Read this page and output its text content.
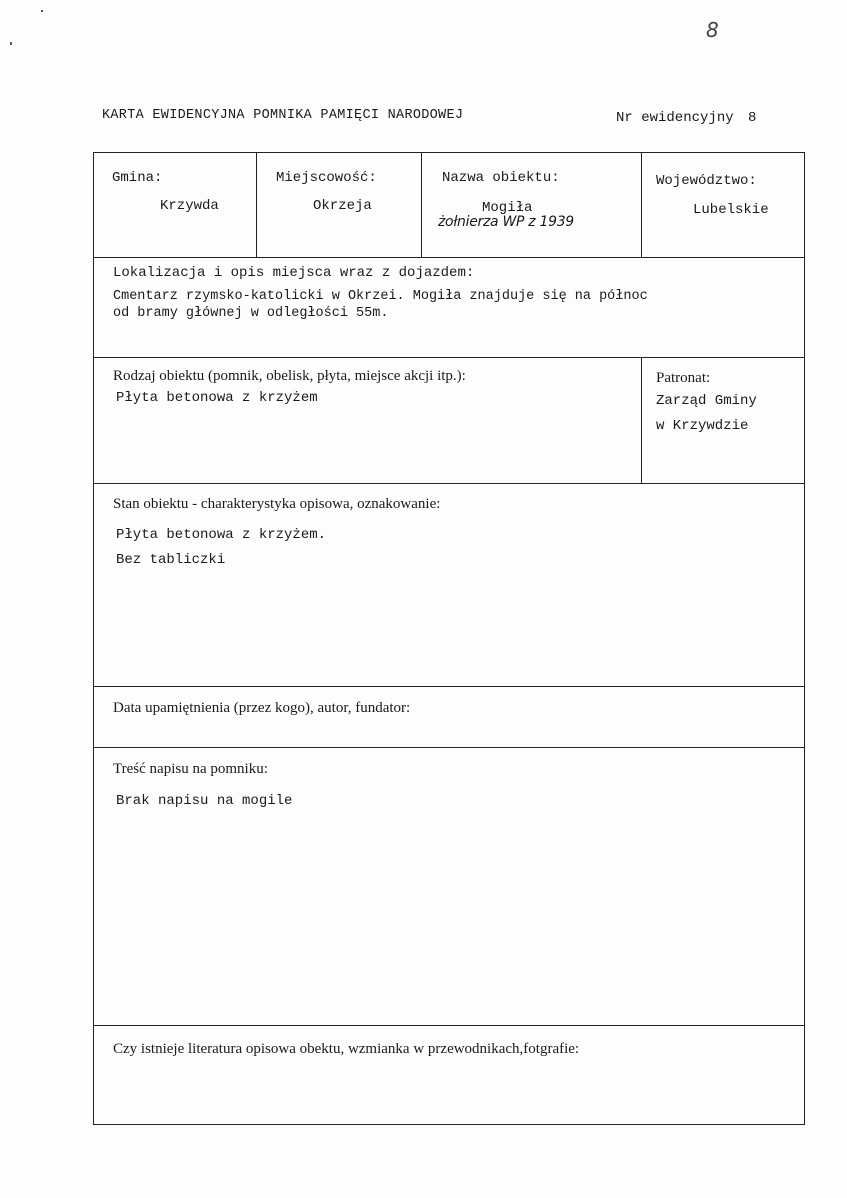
8
KARTA EWIDENCYJNA POMNIKA PAMIĘCI NARODOWEJ	Nr ewidencyjny 8
Gmina:
Krzywda
Miejscowość:
Okrzeja
Nazwa obiektu:
Mogiła
żołnierza WP z 1939
Województwo:
Lubelskie
Lokalizacja i opis miejsca wraz z dojazdem:
Cmentarz rzymsko-katolicki w Okrzei. Mogiła znajduje się na północ
od bramy głównej w odległości 55m.
Rodzaj obiektu (pomnik, obelisk, płyta, miejsce akcji itp.):
Płyta betonowa z krzyżem
Patronat:
Zarząd Gminy
w Krzywdzie
Stan obiektu - charakterystyka opisowa, oznakowanie:
Płyta betonowa z krzyżem.
Bez tabliczki
Data upamiętnienia (przez kogo), autor, fundator:
Treść napisu na pomniku:
Brak napisu na mogile
Czy istnieje literatura opisowa obektu, wzmianka w przewodnikach,fotgrafie:
